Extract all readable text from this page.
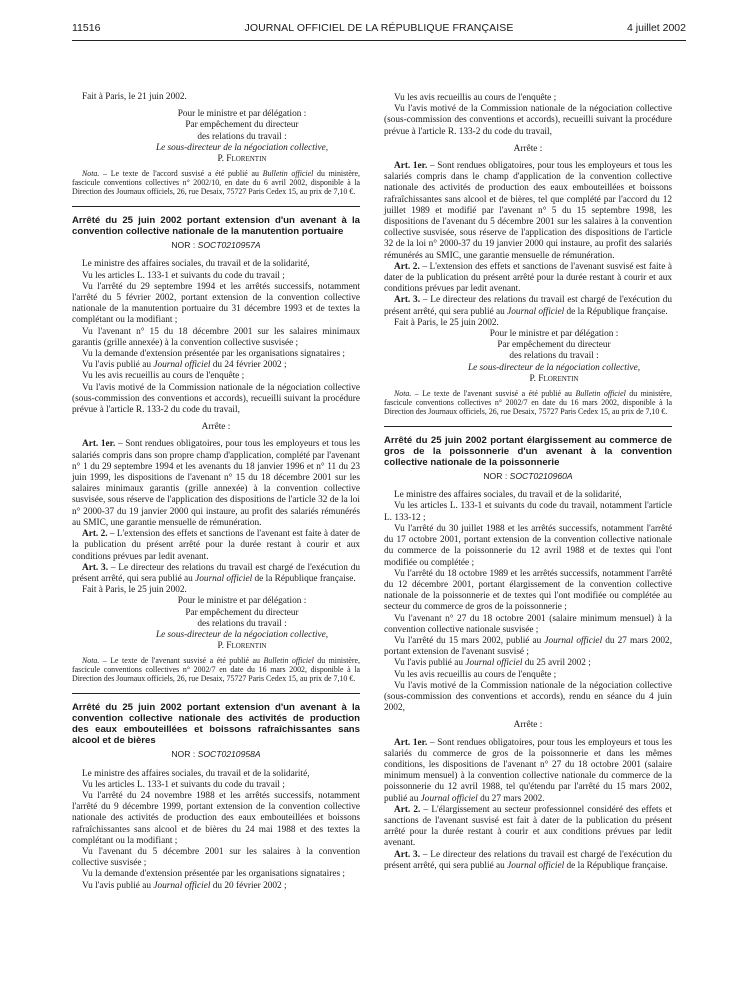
11516	JOURNAL OFFICIEL DE LA RÉPUBLIQUE FRANÇAISE	4 juillet 2002

Fait à Paris, le 21 juin 2002.

Pour le ministre et par délégation :

Par empêchement du directeur

des relations du travail :

Le sous-directeur de la négociation collective,

P. Florentin

Nota. – Le texte de l'accord susvisé a été publié au Bulletin officiel du ministère, fascicule conventions collectives n° 2002/10, en date du 6 avril 2002, disponible à la Direction des Journaux officiels, 26, rue Desaix, 75727 Paris Cedex 15, au prix de 7,10 €.

Arrêté du 25 juin 2002 portant extension d'un avenant à la convention collective nationale de la manutention portuaire

NOR : SOCT0210957A

Le ministre des affaires sociales, du travail et de la solidarité,

Vu les articles L. 133-1 et suivants du code du travail ;

Vu l'arrêté du 29 septembre 1994 et les arrêtés successifs, notamment l'arrêté du 5 février 2002, portant extension de la convention collective nationale de la manutention portuaire du 31 décembre 1993 et de textes la complétant ou la modifiant ;

Vu l'avenant n° 15 du 18 décembre 2001 sur les salaires minimaux garantis (grille annexée) à la convention collective susvisée ;

Vu la demande d'extension présentée par les organisations signataires ;

Vu l'avis publié au Journal officiel du 24 février 2002 ;

Vu les avis recueillis au cours de l'enquête ;

Vu l'avis motivé de la Commission nationale de la négociation collective (sous-commission des conventions et accords), recueilli suivant la procédure prévue à l'article R. 133-2 du code du travail,

Arrête :

Art. 1er. – Sont rendues obligatoires, pour tous les employeurs et tous les salariés compris dans son propre champ d'application, complété par l'avenant n° 1 du 29 septembre 1994 et les avenants du 18 janvier 1996 et n° 11 du 23 juin 1999, les dispositions de l'avenant n° 15 du 18 décembre 2001 sur les salaires minimaux garantis (grille annexée) à la convention collective susvisée, sous réserve de l'application des dispositions de l'article 32 de la loi n° 2000-37 du 19 janvier 2000 qui instaure, au profit des salariés rémunérés au SMIC, une garantie mensuelle de rémunération.

Art. 2. – L'extension des effets et sanctions de l'avenant est faite à dater de la publication du présent arrêté pour la durée restant à courir et aux conditions prévues par ledit avenant.

Art. 3. – Le directeur des relations du travail est chargé de l'exécution du présent arrêté, qui sera publié au Journal officiel de la République française.

Fait à Paris, le 25 juin 2002.

Pour le ministre et par délégation :

Par empêchement du directeur

des relations du travail :

Le sous-directeur de la négociation collective,

P. Florentin

Nota. – Le texte de l'avenant susvisé a été publié au Bulletin officiel du ministère, fascicule conventions collectives n° 2002/7 en date du 16 mars 2002, disponible à la Direction des Journaux officiels, 26, rue Desaix, 75727 Paris Cedex 15, au prix de 7,10 €.

Arrêté du 25 juin 2002 portant extension d'un avenant à la convention collective nationale des activités de production des eaux embouteillées et boissons rafraîchissantes sans alcool et de bières

NOR : SOCT0210958A

Le ministre des affaires sociales, du travail et de la solidarité,

Vu les articles L. 133-1 et suivants du code du travail ;

Vu l'arrêté du 24 novembre 1988 et les arrêtés successifs, notamment l'arrêté du 9 décembre 1999, portant extension de la convention collective nationale des activités de production des eaux embouteillées et boissons rafraîchissantes sans alcool et de bières du 24 mai 1988 et des textes la complétant ou la modifiant ;

Vu l'avenant du 5 décembre 2001 sur les salaires à la convention collective susvisée ;

Vu la demande d'extension présentée par les organisations signataires ;

Vu l'avis publié au Journal officiel du 20 février 2002 ;

Vu les avis recueillis au cours de l'enquête ;

Vu l'avis motivé de la Commission nationale de la négociation collective (sous-commission des conventions et accords), recueilli suivant la procédure prévue à l'article R. 133-2 du code du travail,

Arrête :

Art. 1er. – Sont rendues obligatoires, pour tous les employeurs et tous les salariés compris dans le champ d'application de la convention collective nationale des activités de production des eaux embouteillées et boissons rafraîchissantes sans alcool et de bières, tel que complété par l'accord du 12 juillet 1989 et modifié par l'avenant n° 5 du 15 septembre 1998, les dispositions de l'avenant du 5 décembre 2001 sur les salaires à la convention collective susvisée, sous réserve de l'application des dispositions de l'article 32 de la loi n° 2000-37 du 19 janvier 2000 qui instaure, au profit des salariés rémunérés au SMIC, une garantie mensuelle de rémunération.

Art. 2. – L'extension des effets et sanctions de l'avenant susvisé est faite à dater de la publication du présent arrêté pour la durée restant à courir et aux conditions prévues par ledit avenant.

Art. 3. – Le directeur des relations du travail est chargé de l'exécution du présent arrêté, qui sera publié au Journal officiel de la République française.

Fait à Paris, le 25 juin 2002.

Pour le ministre et par délégation :

Par empêchement du directeur

des relations du travail :

Le sous-directeur de la négociation collective,

P. Florentin

Nota. – Le texte de l'avenant susvisé a été publié au Bulletin officiel du ministère, fascicule conventions collectives n° 2002/7 en date du 16 mars 2002, disponible à la Direction des Journaux officiels, 26, rue Desaix, 75727 Paris Cedex 15, au prix de 7,10 €.

Arrêté du 25 juin 2002 portant élargissement au commerce de gros de la poissonnerie d'un avenant à la convention collective nationale de la poissonnerie

NOR : SOCT0210960A

Le ministre des affaires sociales, du travail et de la solidarité,

Vu les articles L. 133-1 et suivants du code du travail, notamment l'article L. 133-12 ;

Vu l'arrêté du 30 juillet 1988 et les arrêtés successifs, notamment l'arrêté du 17 octobre 2001, portant extension de la convention collective nationale du commerce de la poissonnerie du 12 avril 1988 et de textes qui l'ont modifiée ou complétée ;

Vu l'arrêté du 18 octobre 1989 et les arrêtés successifs, notamment l'arrêté du 12 décembre 2001, portant élargissement de la convention collective nationale de la poissonnerie et de textes qui l'ont modifiée ou complétée au secteur du commerce de gros de la poissonnerie ;

Vu l'avenant n° 27 du 18 octobre 2001 (salaire minimum mensuel) à la convention collective nationale susvisée ;

Vu l'arrêté du 15 mars 2002, publié au Journal officiel du 27 mars 2002, portant extension de l'avenant susvisé ;

Vu l'avis publié au Journal officiel du 25 avril 2002 ;

Vu les avis recueillis au cours de l'enquête ;

Vu l'avis motivé de la Commission nationale de la négociation collective (sous-commission des conventions et accords), rendu en séance du 4 juin 2002,

Arrête :

Art. 1er. – Sont rendues obligatoires, pour tous les employeurs et tous les salariés du commerce de gros de la poissonnerie et dans les mêmes conditions, les dispositions de l'avenant n° 27 du 18 octobre 2001 (salaire minimum mensuel) à la convention collective nationale du commerce de la poissonnerie du 12 avril 1988, tel qu'étendu par l'arrêté du 15 mars 2002, publié au Journal officiel du 27 mars 2002.

Art. 2. – L'élargissement au secteur professionnel considéré des effets et sanctions de l'avenant susvisé est fait à dater de la publication du présent arrêté pour la durée restant à courir et aux conditions prévues par ledit avenant.

Art. 3. – Le directeur des relations du travail est chargé de l'exécution du présent arrêté, qui sera publié au Journal officiel de la République française.
